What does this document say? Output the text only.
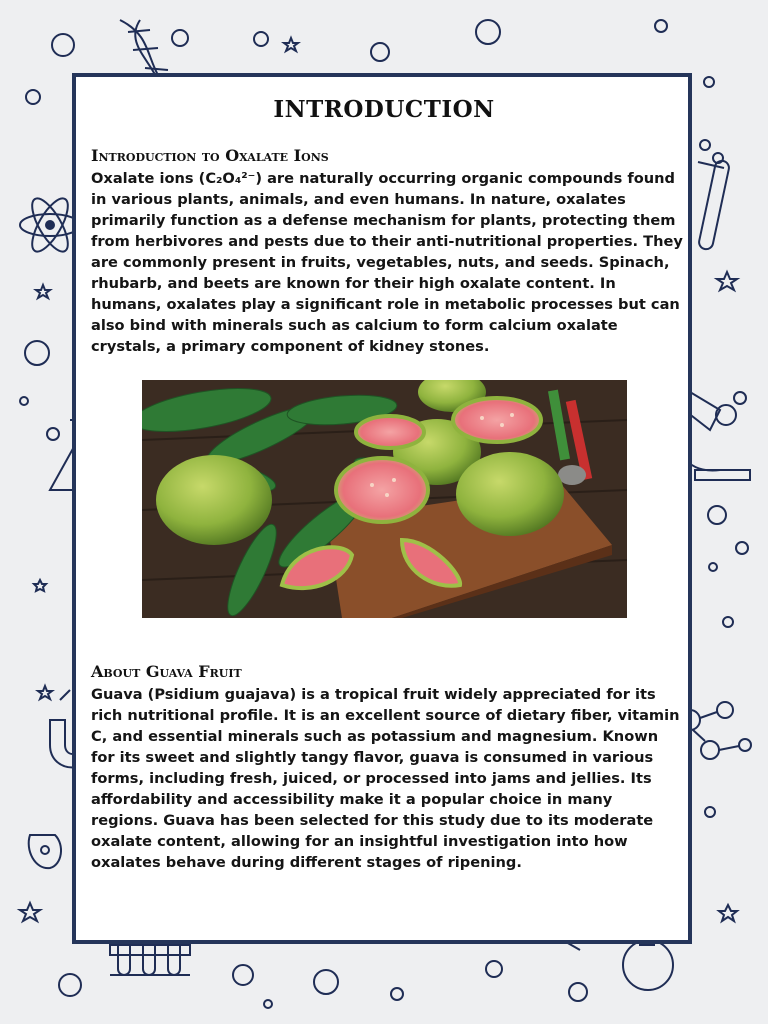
INTRODUCTION
Introduction to Oxalate Ions

Oxalate ions (C₂O₄²⁻) are naturally occurring organic compounds found in various plants, animals, and even humans. In nature, oxalates primarily function as a defense mechanism for plants, protecting them from herbivores and pests due to their anti-nutritional properties. They are commonly present in fruits, vegetables, nuts, and seeds. Spinach, rhubarb, and beets are known for their high oxalate content. In humans, oxalates play a significant role in metabolic processes but can also bind with minerals such as calcium to form calcium oxalate crystals, a primary component of kidney stones.

About Guava Fruit

Guava (Psidium guajava) is a tropical fruit widely appreciated for its rich nutritional profile. It is an excellent source of dietary fiber, vitamin C, and essential minerals such as potassium and magnesium. Known for its sweet and slightly tangy flavor, guava is consumed in various forms, including fresh, juiced, or processed into jams and jellies. Its affordability and accessibility make it a popular choice in many regions. Guava has been selected for this study due to its moderate oxalate content, allowing for an insightful investigation into how oxalates behave during different stages of ripening.
